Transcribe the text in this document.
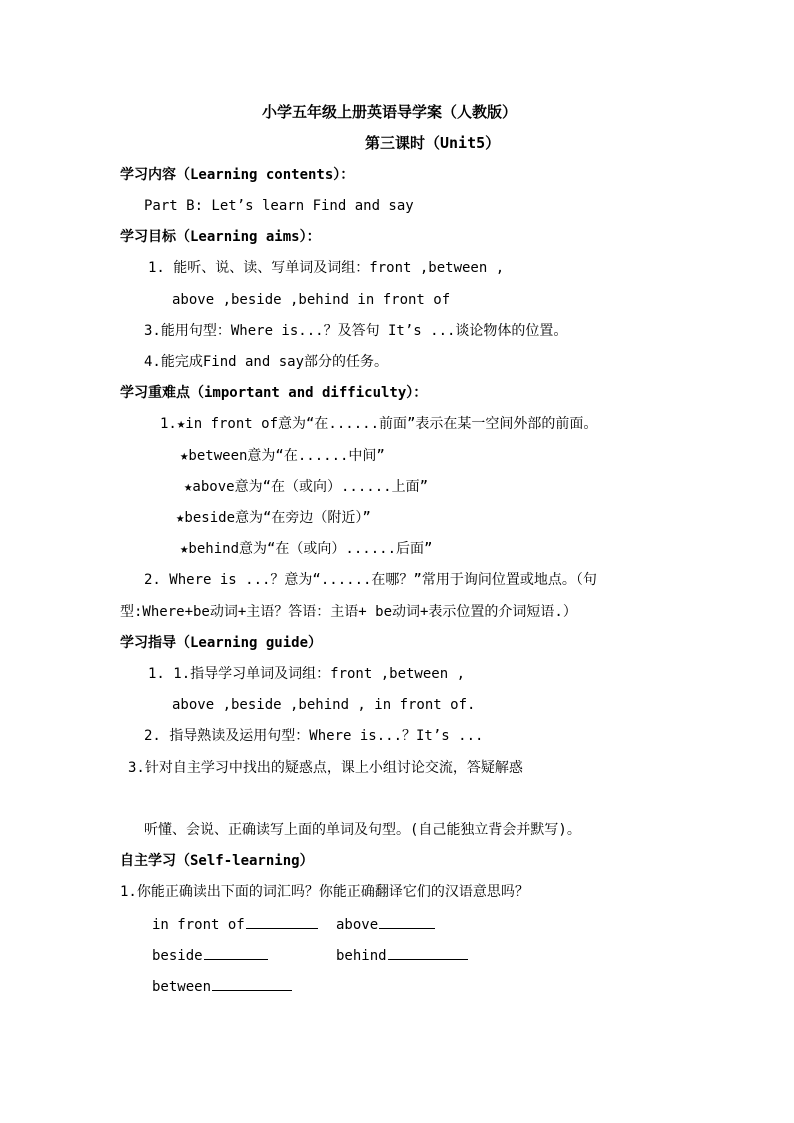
小学五年级上册英语导学案（人教版）
第三课时（Unit5）
学习内容（Learning contents）：
Part B: Let’s learn Find and say
学习目标（Learning aims）：
1. 能听、说、读、写单词及词组：front ,between ,
above ,beside ,behind in front of
3.能用句型：Where is...？及答句 It’s ...谈论物体的位置。
4.能完成Find and say部分的任务。
学习重难点（important and difficulty）：
1.★in front of意为“在......前面”表示在某一空间外部的前面。
★between意为“在......中间”
★above意为“在（或向）......上面”
★beside意为“在旁边（附近）”
★behind意为“在（或向）......后面”
2. Where is ...？意为“......在哪？”常用于询问位置或地点。（句
型:Where+be动词+主语？答语：主语+ be动词+表示位置的介词短语.）
学习指导（Learning guide）
1. 1.指导学习单词及词组：front ,between ,
above ,beside ,behind , in front of.
2. 指导熟读及运用句型：Where is...？It’s ...
3.针对自主学习中找出的疑惑点，课上小组讨论交流，答疑解惑
听懂、会说、正确读写上面的单词及句型。(自己能独立背会并默写)。
自主学习（Self-learning）
1.你能正确读出下面的词汇吗？你能正确翻译它们的汉语意思吗？
in front of	above
beside	behind
between
